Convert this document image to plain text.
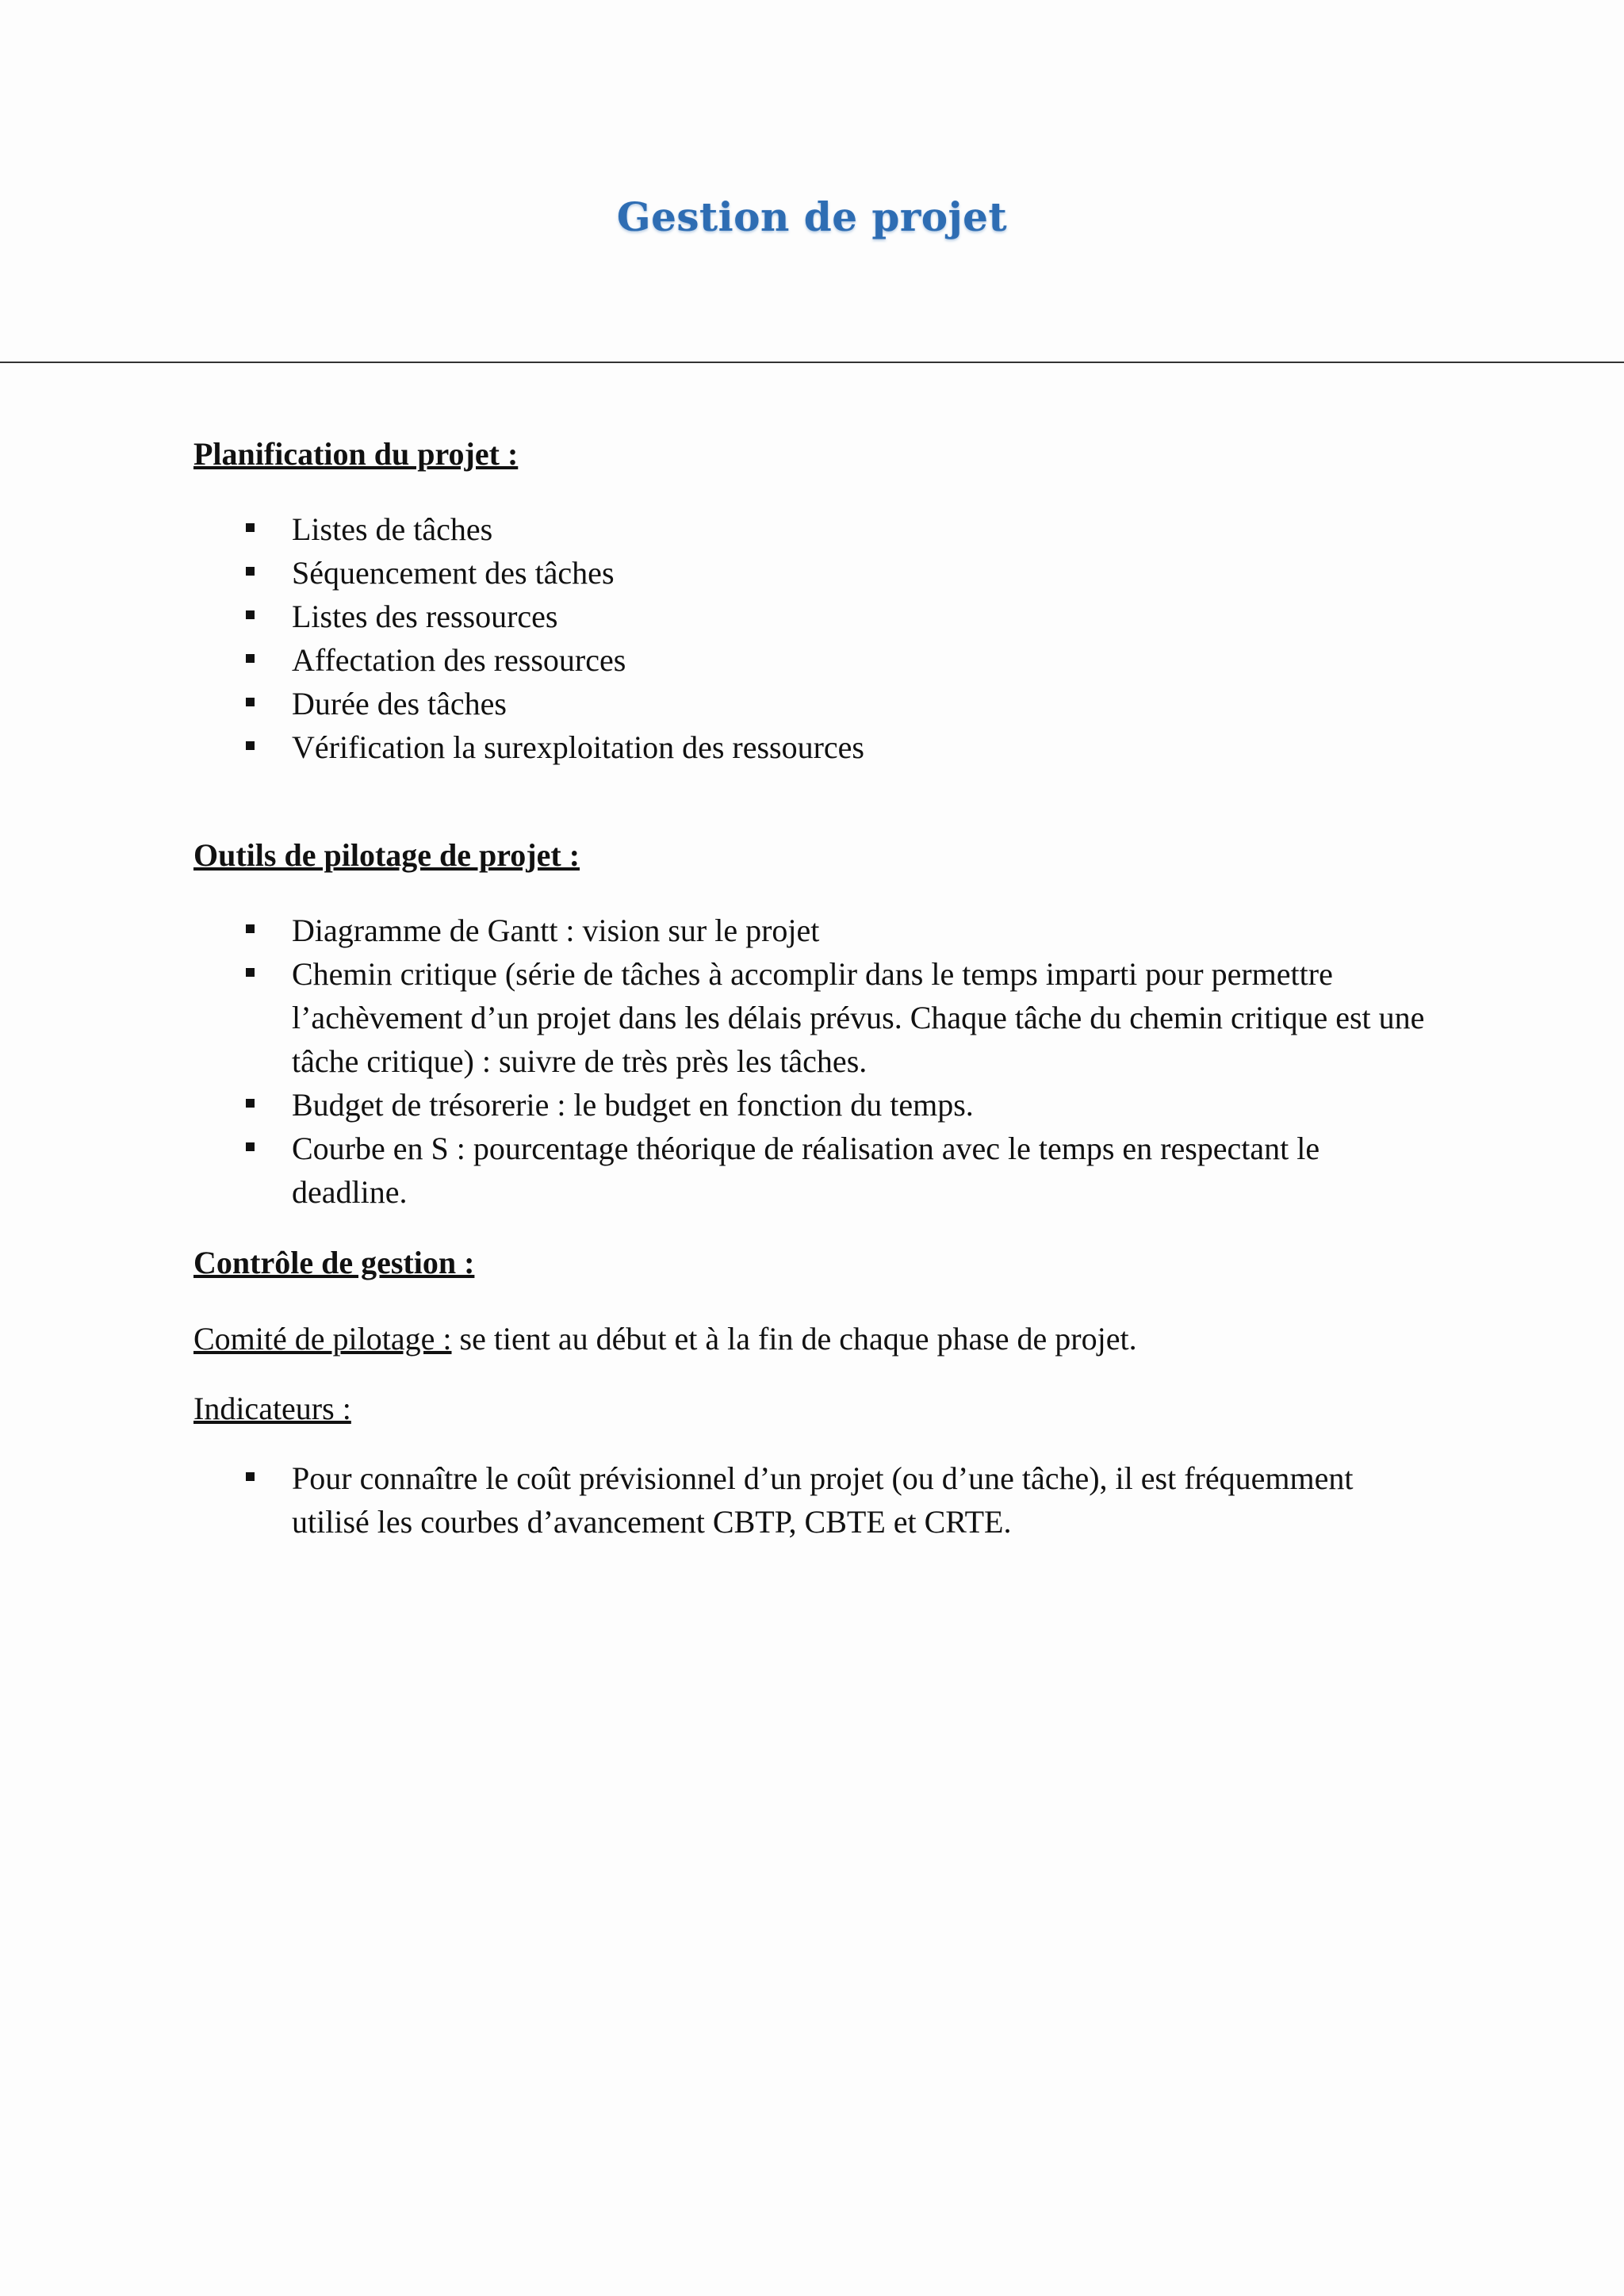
Gestion de projet

Planification du projet :

Listes de tâches
Séquencement des tâches
Listes des ressources
Affectation des ressources
Durée des tâches
Vérification la surexploitation des ressources

Outils de pilotage de projet :

Diagramme de Gantt : vision sur le projet
Chemin critique (série de tâches à accomplir dans le temps imparti pour permettre l’achèvement d’un projet dans les délais prévus. Chaque tâche du chemin critique est une tâche critique) : suivre de très près les tâches.
Budget de trésorerie : le budget en fonction du temps.
Courbe en S : pourcentage théorique de réalisation avec le temps en respectant le deadline.

Contrôle de gestion :

Comité de pilotage : se tient au début et à la fin de chaque phase de projet.

Indicateurs :

Pour connaître le coût prévisionnel d’un projet (ou d’une tâche), il est fréquemment utilisé les courbes d’avancement CBTP, CBTE et CRTE.
